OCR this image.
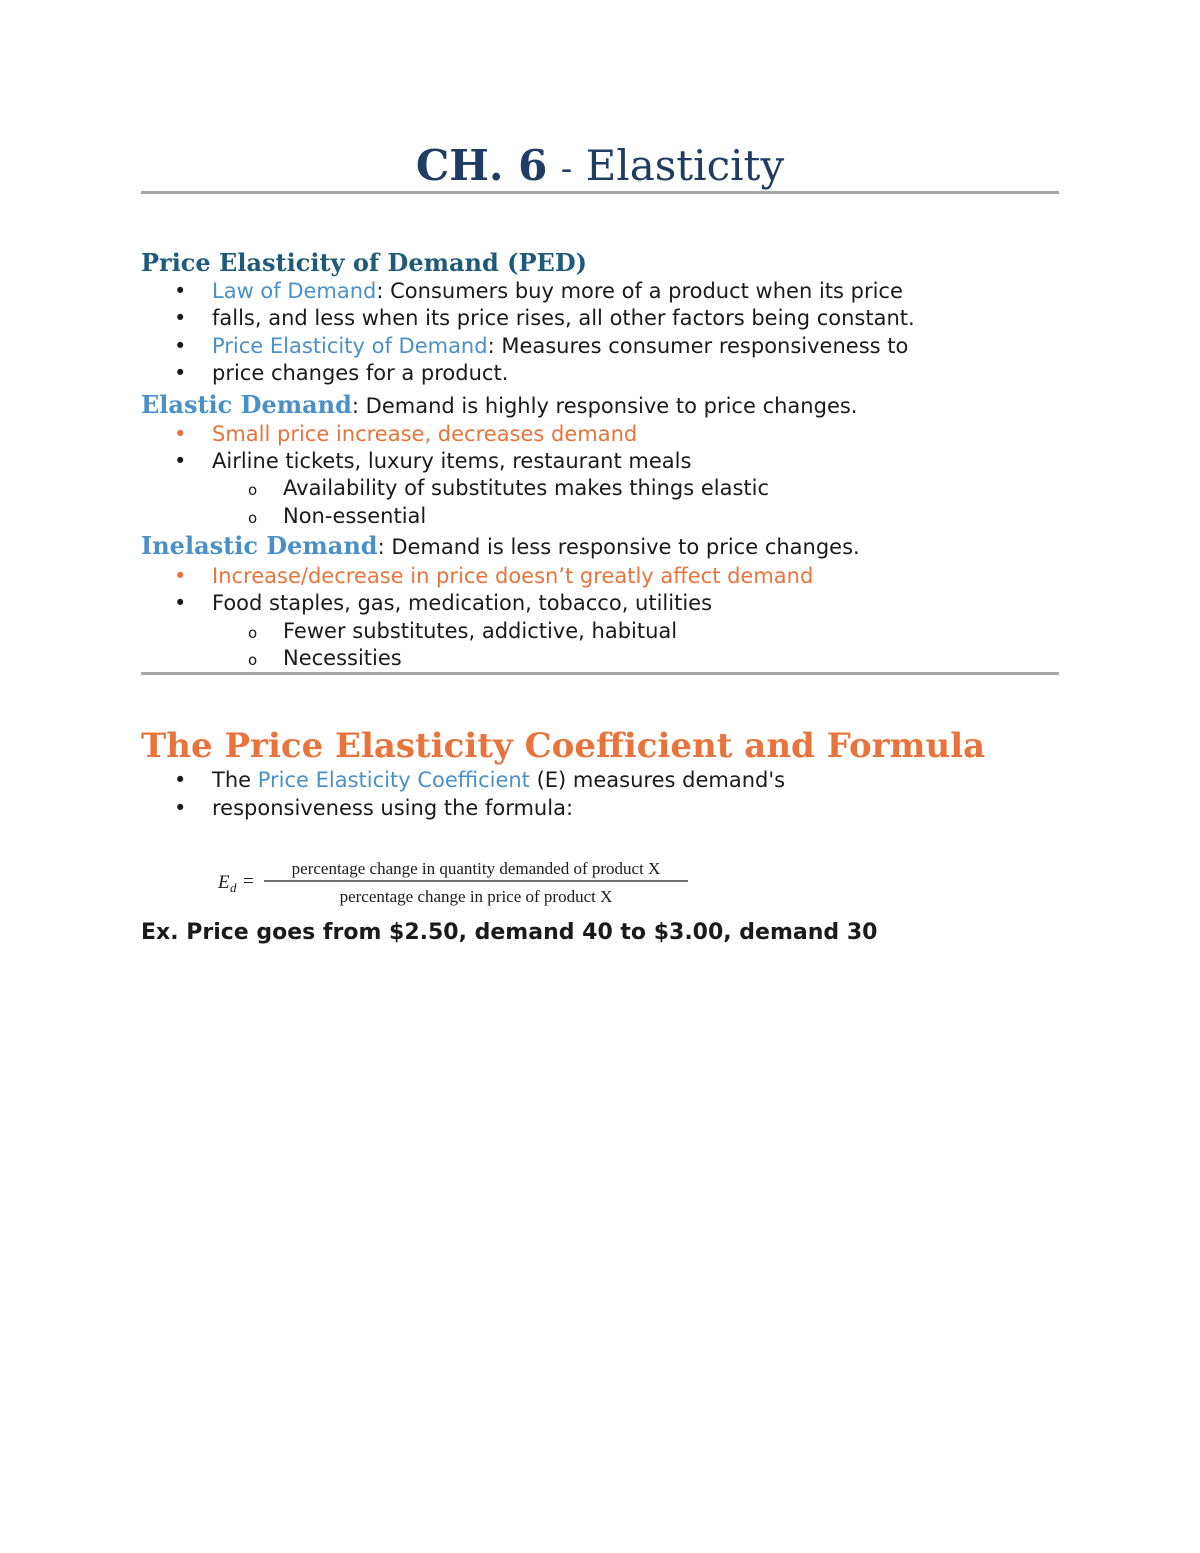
CH. 6 - Elasticity
Price Elasticity of Demand (PED)
• Law of Demand: Consumers buy more of a product when its price
• falls, and less when its price rises, all other factors being constant.
• Price Elasticity of Demand: Measures consumer responsiveness to
• price changes for a product.
Elastic Demand: Demand is highly responsive to price changes.
• Small price increase, decreases demand
• Airline tickets, luxury items, restaurant meals
o Availability of substitutes makes things elastic
o Non-essential
Inelastic Demand: Demand is less responsive to price changes.
• Increase/decrease in price doesn’t greatly affect demand
• Food staples, gas, medication, tobacco, utilities
o Fewer substitutes, addictive, habitual
o Necessities
The Price Elasticity Coefficient and Formula
• The Price Elasticity Coefficient (E) measures demand's
• responsiveness using the formula:
E d =
percentage change in quantity demanded of product X
percentage change in price of product X
Ex. Price goes from $2.50, demand 40 to $3.00, demand 30
